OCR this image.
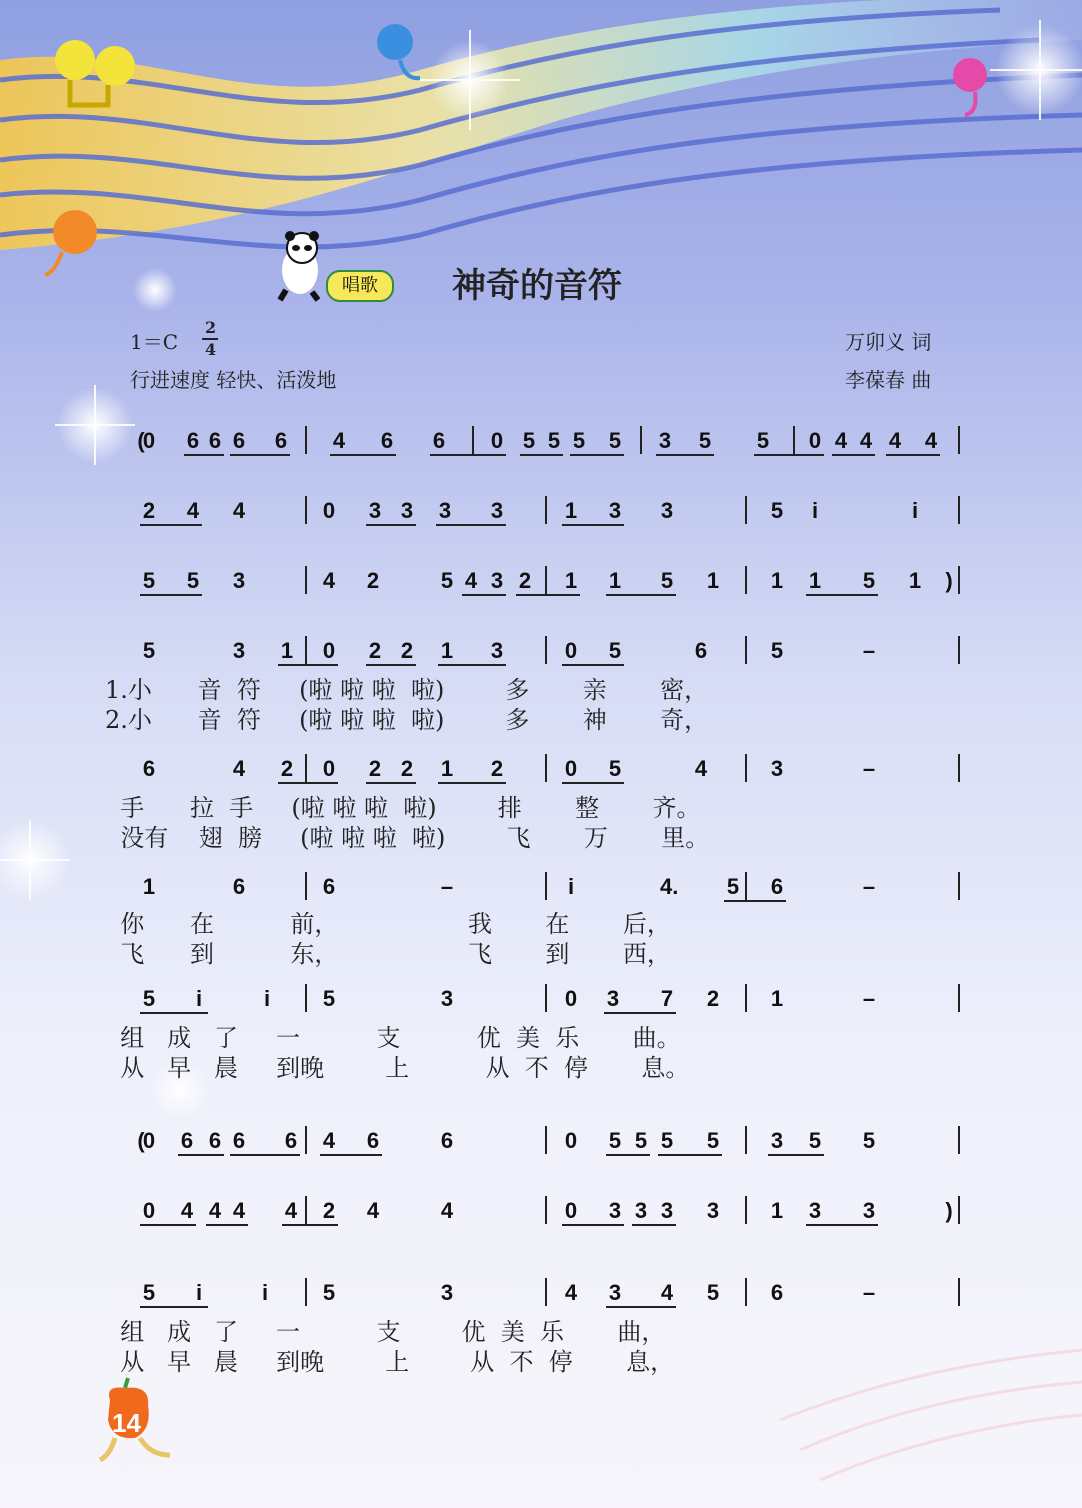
唱歌	神奇的音符
1＝C
2
4
行进速度 轻快、活泼地
万卯义 词
李葆春 曲
(
0 6 6 6 6 4 6 6 0 5 5 5 5 3 5 5 0 4 4 4 4
2 4 4	0 3 3 3 3	1 3 3	5 i	i
5 5 3	4 2	5 4 3 2 1 1 5 1 1 1 5 1 )
5	3 1 0 2 2 1 3	0 5	6	5	–
6	4 2 0 2 2 1 2	0 5	4	3	–
1	6	6	–	i	4. 5 6	–
5 i	i 5	3	0 3 7 2 1	–
(
0 6 6 6 6 4 6	6	0 5 5 5 5 3 5 5
0 4 4 4 4 2 4	4	0 3 3 3 3 1 3 3	)
5 i	i 5	3	4 3 4 5 6	–
1.小      音  符     (啦 啦 啦  啦)        多       亲       密，
2.小      音  符     (啦 啦 啦  啦)        多       神       奇，
手      拉  手     (啦 啦 啦  啦)        排       整       齐。
没有    翅  膀     (啦 啦 啦  啦)        飞       万       里。
你      在          前，                 我       在       后，
飞      到          东，                 飞       到       西，
组   成   了     一          支          优  美  乐       曲。
从   早   晨     到晚        上          从  不  停       息。
组   成   了     一          支        优  美  乐       曲，
从   早   晨     到晚        上        从  不  停       息，
14
